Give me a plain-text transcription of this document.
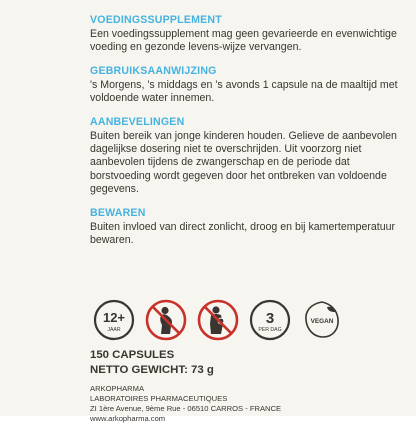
VOEDINGSSUPPLEMENT

Een voedingssupplement mag geen gevarieerde en evenwichtige voeding en gezonde levens-wijze vervangen.

GEBRUIKSAANWIJZING

's Morgens, 's middags en 's avonds 1 capsule na de maaltijd met voldoende water innemen.

AANBEVELINGEN

Buiten bereik van jonge kinderen houden. Gelieve de aanbevolen dagelijkse dosering niet te overschrijden. Uit voorzorg niet aanbevolen tijdens de zwangerschap en de periode dat borstvoeding wordt gegeven door het ontbreken van voldoende gegevens.

BEWAREN

Buiten invloed van direct zonlicht, droog en bij kamertemperatuur bewaren.

12+
JAAR
3
PER DAG
VEGAN
150 CAPSULES
NETTO GEWICHT: 73 g
ARKOPHARMA
LABORATOIRES PHARMACEUTIQUES
ZI 1ère Avenue, 9ème Rue - 06510 CARROS - FRANCE
www.arkopharma.com
